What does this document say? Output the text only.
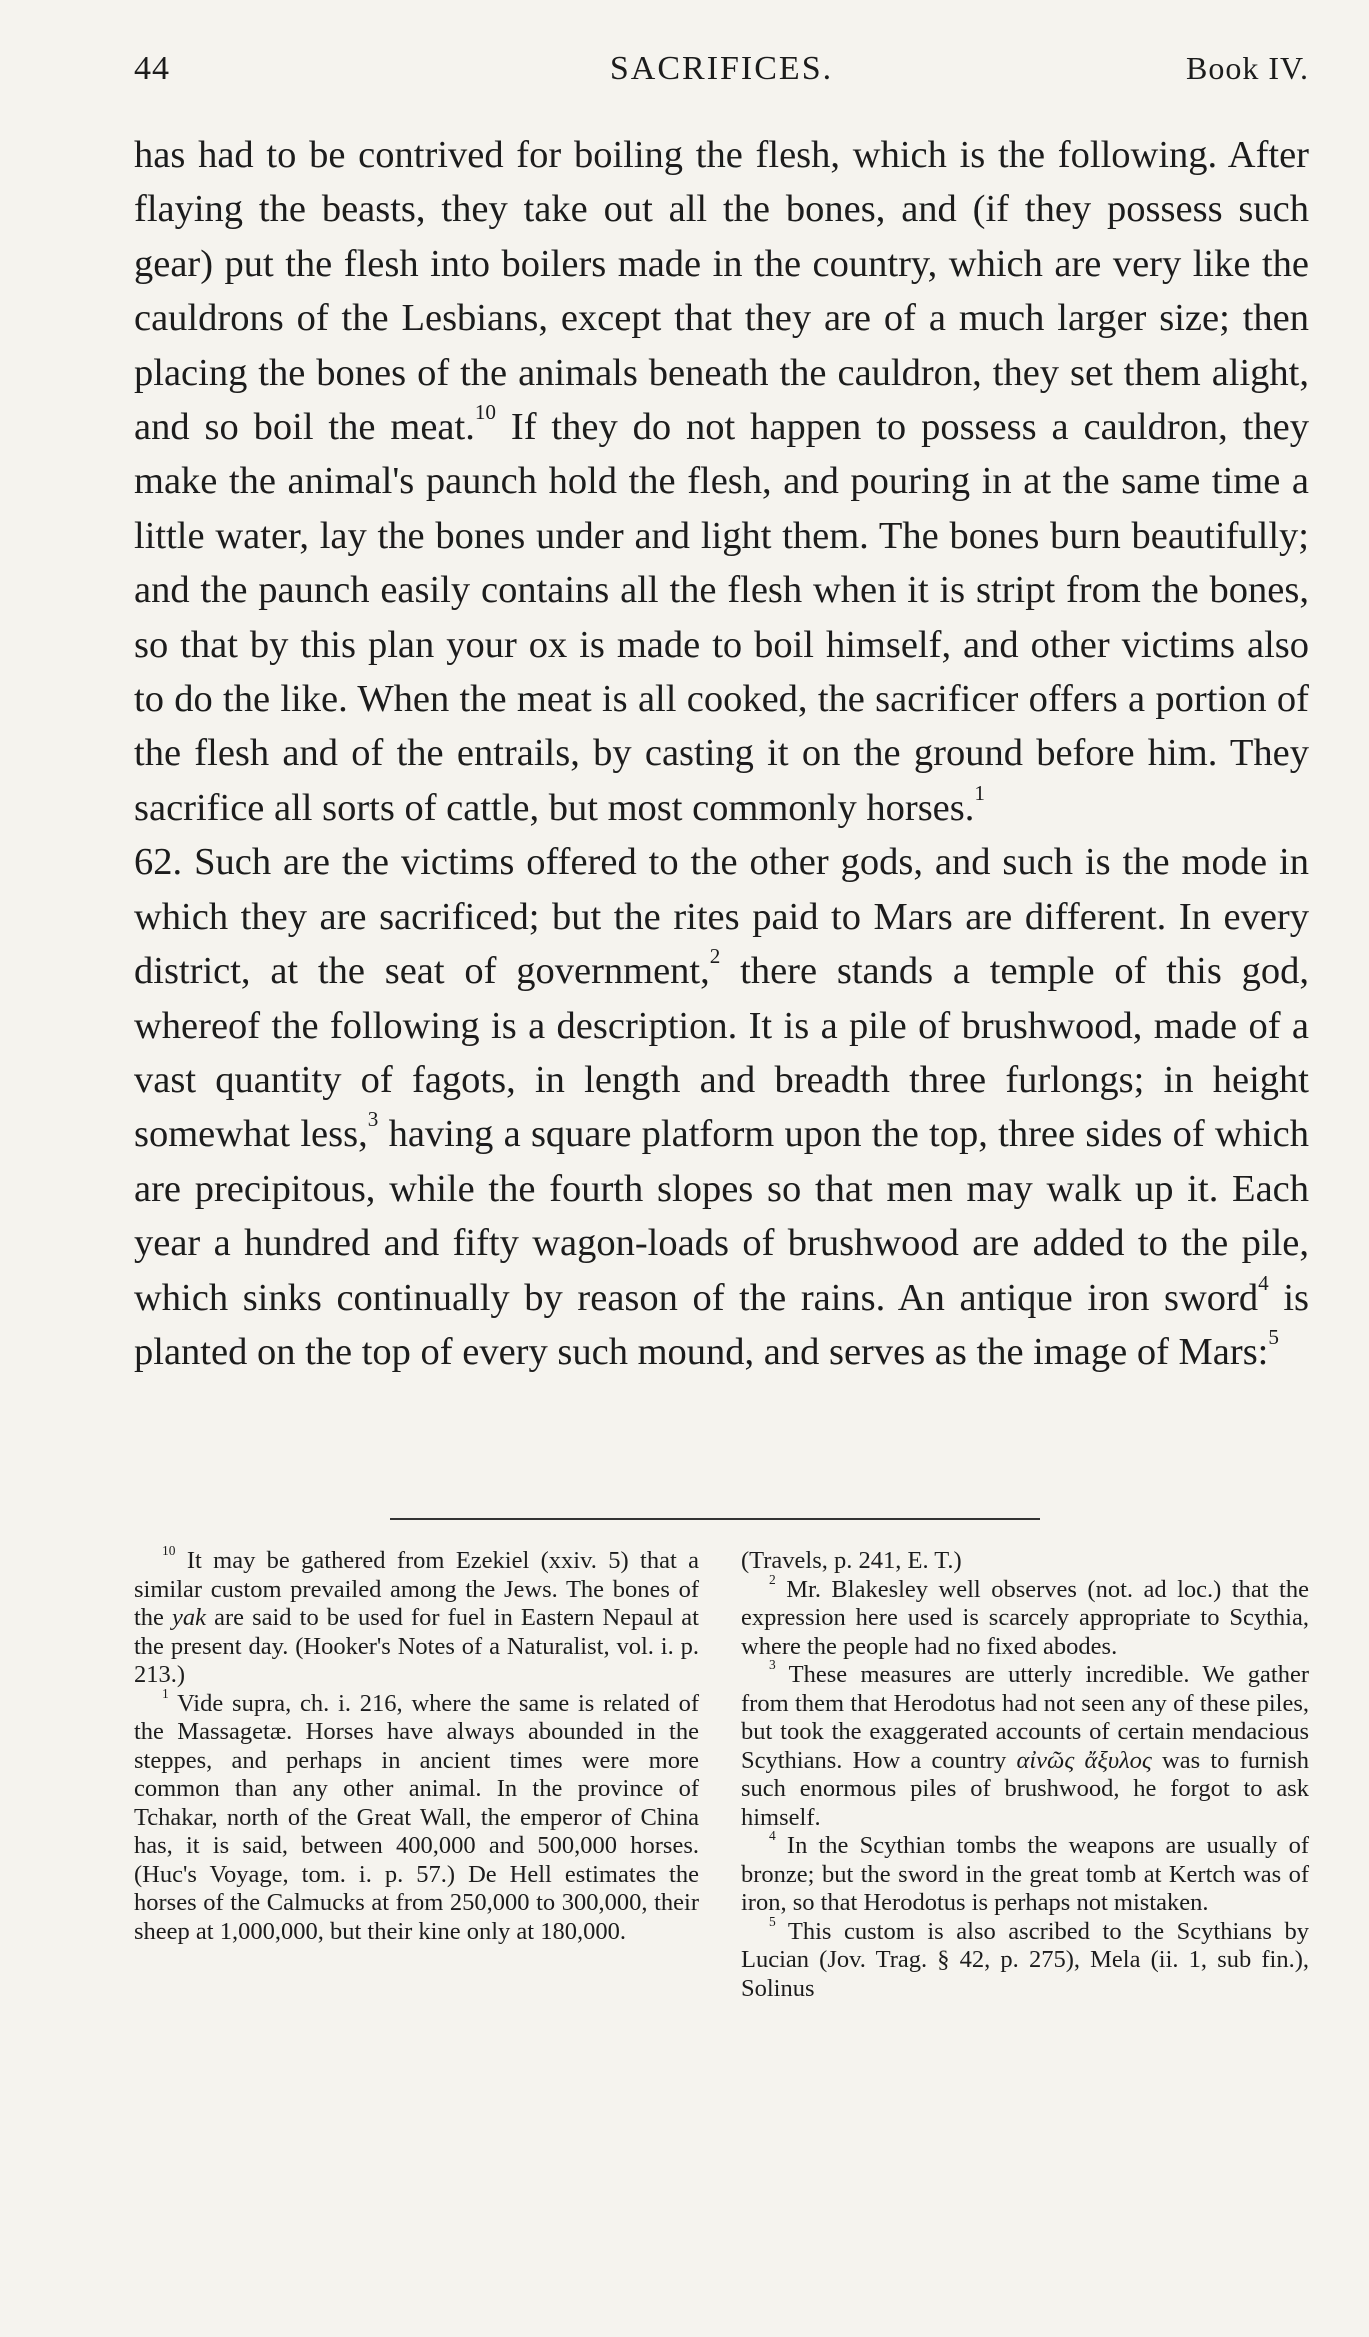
44	SACRIFICES.	Book IV.

has had to be contrived for boiling the flesh, which is the following. After flaying the beasts, they take out all the bones, and (if they possess such gear) put the flesh into boilers made in the country, which are very like the cauldrons of the Lesbians, except that they are of a much larger size; then placing the bones of the animals beneath the cauldron, they set them alight, and so boil the meat.$^{10}$ If they do not happen to possess a cauldron, they make the animal's paunch hold the flesh, and pouring in at the same time a little water, lay the bones under and light them. The bones burn beautifully; and the paunch easily contains all the flesh when it is stript from the bones, so that by this plan your ox is made to boil himself, and other victims also to do the like. When the meat is all cooked, the sacrificer offers a portion of the flesh and of the entrails, by casting it on the ground before him. They sacrifice all sorts of cattle, but most commonly horses.$^1$

62. Such are the victims offered to the other gods, and such is the mode in which they are sacrificed; but the rites paid to Mars are different. In every district, at the seat of government,$^2$ there stands a temple of this god, whereof the following is a description. It is a pile of brushwood, made of a vast quantity of fagots, in length and breadth three furlongs; in height somewhat less,$^3$ having a square platform upon the top, three sides of which are precipitous, while the fourth slopes so that men may walk up it. Each year a hundred and fifty wagon-loads of brushwood are added to the pile, which sinks continually by reason of the rains. An antique iron sword$^4$ is planted on the top of every such mound, and serves as the image of Mars:$^5$

$^{10}$ It may be gathered from Ezekiel (xxiv. 5) that a similar custom prevailed among the Jews. The bones of the yak are said to be used for fuel in Eastern Nepaul at the present day. (Hooker's Notes of a Naturalist, vol. i. p. 213.)

$^1$ Vide supra, ch. i. 216, where the same is related of the Massagetæ. Horses have always abounded in the steppes, and perhaps in ancient times were more common than any other animal. In the province of Tchakar, north of the Great Wall, the emperor of China has, it is said, between 400,000 and 500,000 horses. (Huc's Voyage, tom. i. p. 57.) De Hell estimates the horses of the Calmucks at from 250,000 to 300,000, their sheep at 1,000,000, but their kine only at 180,000.

(Travels, p. 241, E. T.)

$^2$ Mr. Blakesley well observes (not. ad loc.) that the expression here used is scarcely appropriate to Scythia, where the people had no fixed abodes.

$^3$ These measures are utterly incredible. We gather from them that Herodotus had not seen any of these piles, but took the exaggerated accounts of certain mendacious Scythians. How a country αἰνῶς ἄξυλος was to furnish such enormous piles of brushwood, he forgot to ask himself.

$^4$ In the Scythian tombs the weapons are usually of bronze; but the sword in the great tomb at Kertch was of iron, so that Herodotus is perhaps not mistaken.

$^5$ This custom is also ascribed to the Scythians by Lucian (Jov. Trag. § 42, p. 275), Mela (ii. 1, sub fin.), Solinus
